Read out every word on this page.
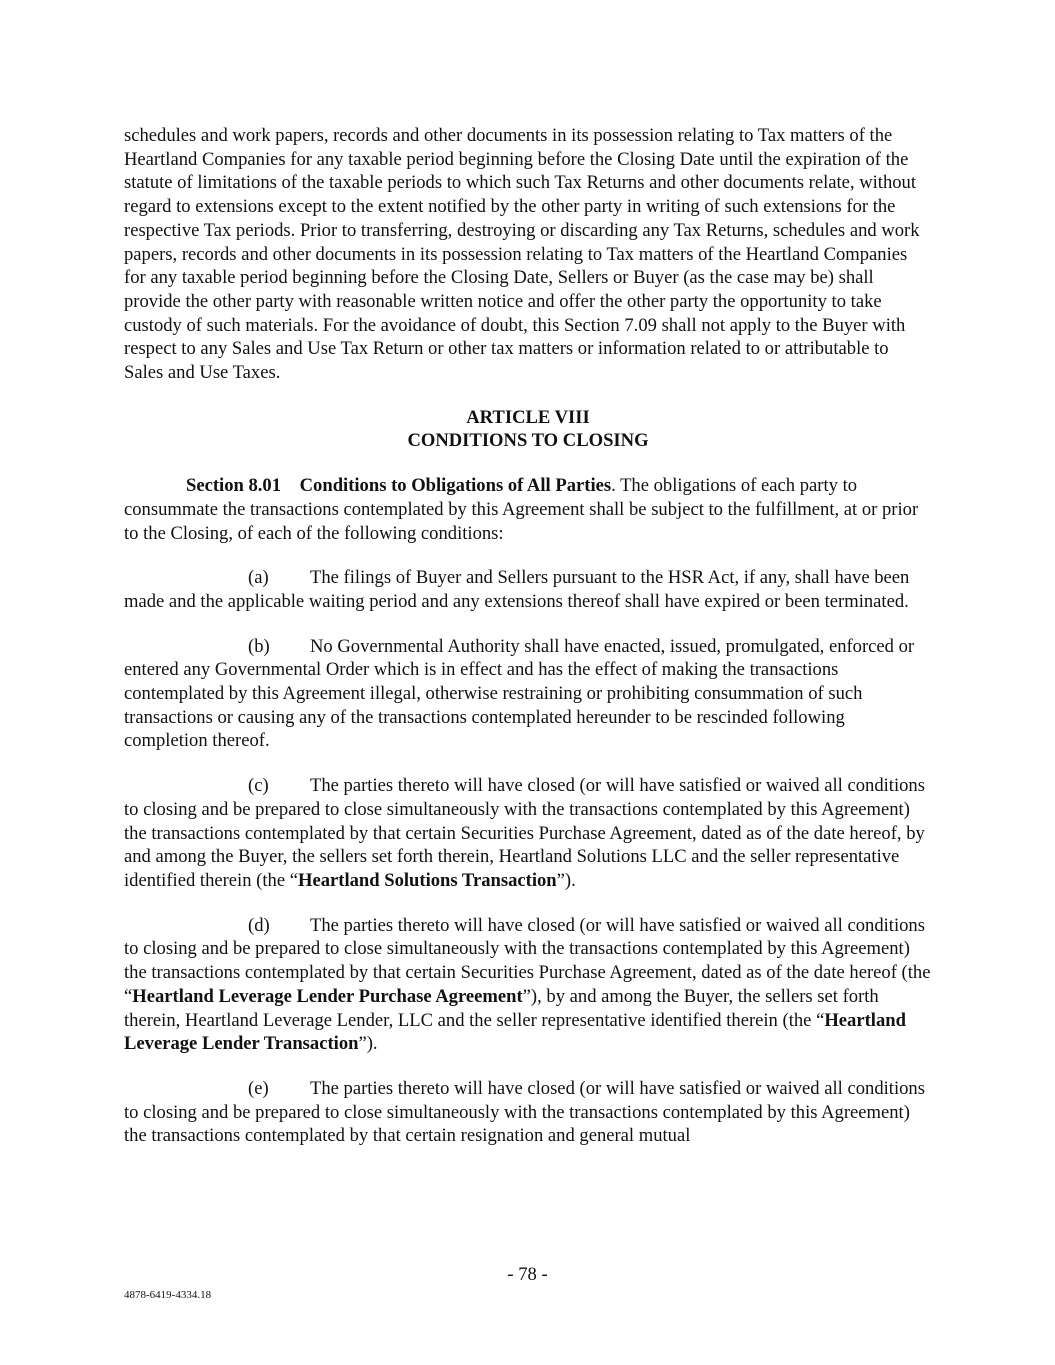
schedules and work papers, records and other documents in its possession relating to Tax matters of the Heartland Companies for any taxable period beginning before the Closing Date until the expiration of the statute of limitations of the taxable periods to which such Tax Returns and other documents relate, without regard to extensions except to the extent notified by the other party in writing of such extensions for the respective Tax periods. Prior to transferring, destroying or discarding any Tax Returns, schedules and work papers, records and other documents in its possession relating to Tax matters of the Heartland Companies for any taxable period beginning before the Closing Date, Sellers or Buyer (as the case may be) shall provide the other party with reasonable written notice and offer the other party the opportunity to take custody of such materials. For the avoidance of doubt, this Section 7.09 shall not apply to the Buyer with respect to any Sales and Use Tax Return or other tax matters or information related to or attributable to Sales and Use Taxes.

ARTICLE VIII
CONDITIONS TO CLOSING

Section 8.01 Conditions to Obligations of All Parties. The obligations of each party to consummate the transactions contemplated by this Agreement shall be subject to the fulfillment, at or prior to the Closing, of each of the following conditions:

(a) The filings of Buyer and Sellers pursuant to the HSR Act, if any, shall have been made and the applicable waiting period and any extensions thereof shall have expired or been terminated.

(b) No Governmental Authority shall have enacted, issued, promulgated, enforced or entered any Governmental Order which is in effect and has the effect of making the transactions contemplated by this Agreement illegal, otherwise restraining or prohibiting consummation of such transactions or causing any of the transactions contemplated hereunder to be rescinded following completion thereof.

(c) The parties thereto will have closed (or will have satisfied or waived all conditions to closing and be prepared to close simultaneously with the transactions contemplated by this Agreement) the transactions contemplated by that certain Securities Purchase Agreement, dated as of the date hereof, by and among the Buyer, the sellers set forth therein, Heartland Solutions LLC and the seller representative identified therein (the “Heartland Solutions Transaction”).

(d) The parties thereto will have closed (or will have satisfied or waived all conditions to closing and be prepared to close simultaneously with the transactions contemplated by this Agreement) the transactions contemplated by that certain Securities Purchase Agreement, dated as of the date hereof (the “Heartland Leverage Lender Purchase Agreement”), by and among the Buyer, the sellers set forth therein, Heartland Leverage Lender, LLC and the seller representative identified therein (the “Heartland Leverage Lender Transaction”).

(e) The parties thereto will have closed (or will have satisfied or waived all conditions to closing and be prepared to close simultaneously with the transactions contemplated by this Agreement) the transactions contemplated by that certain resignation and general mutual

- 78 -
4878-6419-4334.18
